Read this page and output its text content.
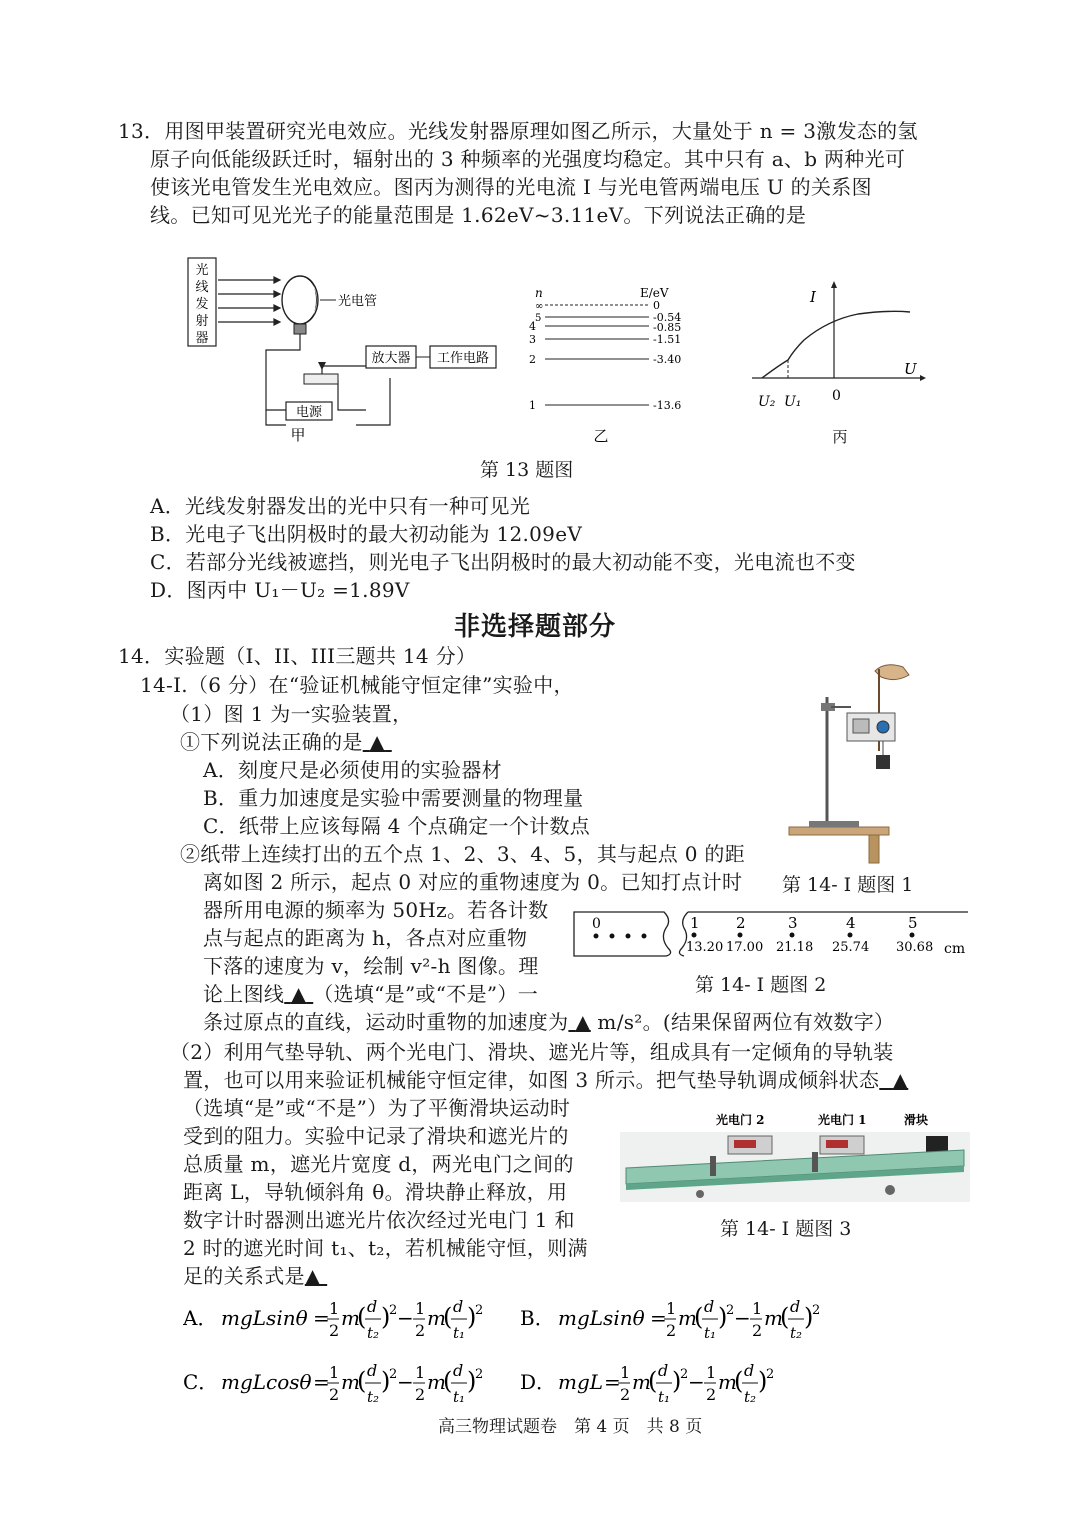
13．用图甲装置研究光电效应。光线发射器原理如图乙所示，大量处于 n = 3激发态的氢
原子向低能级跃迁时，辐射出的 3 种频率的光强度均稳定。其中只有 a、b 两种光可
使该光电管发生光电效应。图丙为测得的光电流 I 与光电管两端电压 U 的关系图
线。已知可见光光子的能量范围是 1.62eV~3.11eV。下列说法正确的是
光
线
发
射
器
光电管
放大器 工作电路
电源
甲
n	E/eV
∞	0
5	-0.54
4	-0.85
3	-1.51
2	-3.40
1	-13.6
乙
I
U
U₂ U₁ 0
丙
第 13 题图
A．光线发射器发出的光中只有一种可见光
B．光电子飞出阴极时的最大初动能为 12.09eV
C．若部分光线被遮挡，则光电子飞出阴极时的最大初动能不变，光电流也不变
D．图丙中 U₁－U₂ =1.89V
非选择题部分
14．实验题（I、II、III三题共 14 分）
14-I.（6 分）在“验证机械能守恒定律”实验中，
（1）图 1 为一实验装置，
①下列说法正确的是 ▲
A．刻度尺是必须使用的实验器材
B．重力加速度是实验中需要测量的物理量
C．纸带上应该每隔 4 个点确定一个计数点
②纸带上连续打出的五个点 1、2、3、4、5，其与起点 0 的距
离如图 2 所示，起点 0 对应的重物速度为 0。已知打点计时
器所用电源的频率为 50Hz。若各计数
点与起点的距离为 h，各点对应重物
下落的速度为 v，绘制 v²-h 图像。理
论上图线 ▲ （选填“是”或“不是”）一
条过原点的直线，运动时重物的加速度为 ▲ m/s²。(结果保留两位有效数字）
第 14- Ⅰ 题图 1
0	1 2	3	4	5
13.20 17.00 21.18 25.74 30.68 cm
第 14- Ⅰ 题图 2
（2）利用气垫导轨、两个光电门、滑块、遮光片等，组成具有一定倾角的导轨装
置，也可以用来验证机械能守恒定律，如图 3 所示。把气垫导轨调成倾斜状态 ▲
（选填“是”或“不是”）为了平衡滑块运动时
受到的阻力。实验中记录了滑块和遮光片的
总质量 m，遮光片宽度 d，两光电门之间的
距离 L，导轨倾斜角 θ。滑块静止释放，用
数字计时器测出遮光片依次经过光电门 1 和
2 时的遮光时间 t₁、t₂，若机械能守恒，则满
足的关系式是▲
光电门 2	光电门 1	滑块
第 14- Ⅰ 题图 3
A． mgLsinθ = 1
2
m
( d
t₂
)
2 − 1
2
m
( d
t₁
)
2 B． mgLsinθ = 1
2
m
( d
t₁
)
2 − 1
2
m
( d
t₂
)
2
C． mgLcosθ = 1
2
m
( d
t₂
)
2 − 1
2
m
( d
t₁
)
2 D． mgL = 1
2
m
( d
t₁
)
2 − 1
2
m
( d
t₂
)
2
高三物理试题卷　第 4 页　共 8 页
